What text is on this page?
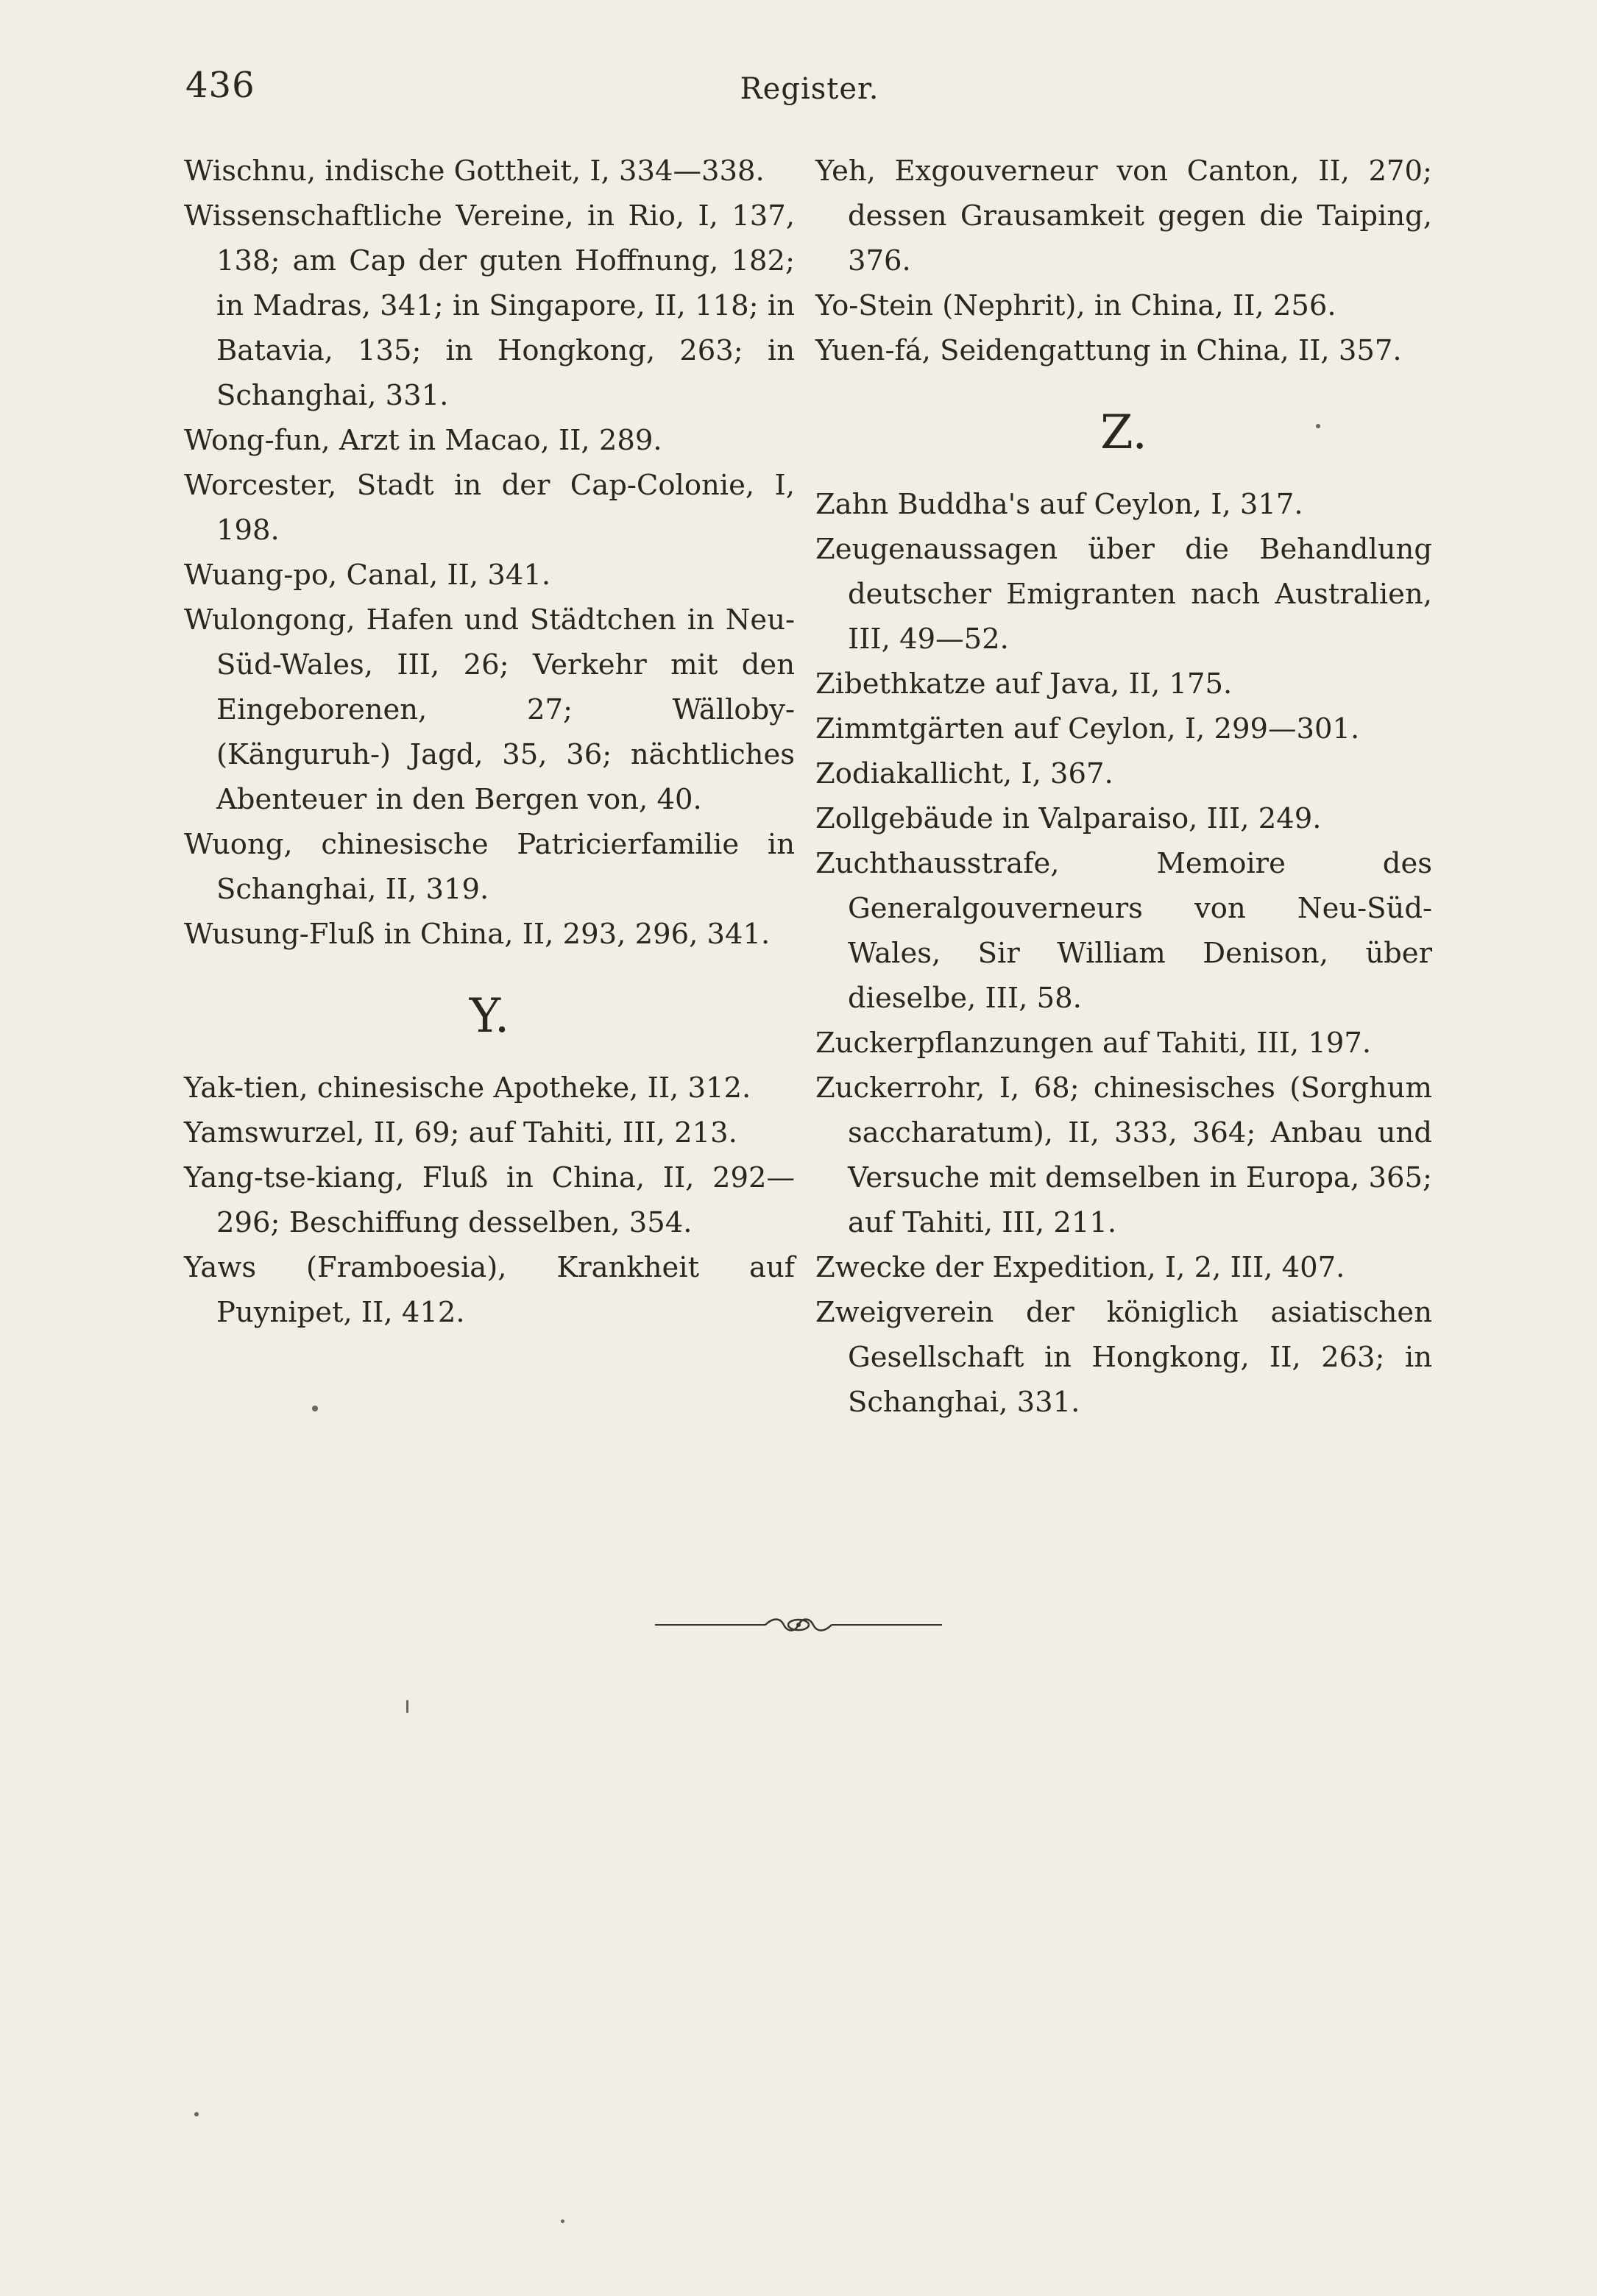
436	Register.
Wischnu, indische Gottheit, I, 334—338.
Wissenschaftliche Vereine, in Rio, I, 137, 138; am Cap der guten Hoffnung, 182; in Madras, 341; in Singapore, II, 118; in Batavia, 135; in Hongkong, 263; in Schanghai, 331.
Wong-fun, Arzt in Macao, II, 289.
Worcester, Stadt in der Cap-Colonie, I, 198.
Wuang-po, Canal, II, 341.
Wulongong, Hafen und Städtchen in Neu-Süd-Wales, III, 26; Verkehr mit den Eingeborenen, 27; Wälloby- (Känguruh-) Jagd, 35, 36; nächtliches Abenteuer in den Bergen von, 40.
Wuong, chinesische Patricierfamilie in Schanghai, II, 319.
Wusung-Fluß in China, II, 293, 296, 341.
Y.
Yak-tien, chinesische Apotheke, II, 312.
Yamswurzel, II, 69; auf Tahiti, III, 213.
Yang-tse-kiang, Fluß in China, II, 292—296; Beschiffung desselben, 354.
Yaws (Framboesia), Krankheit auf Puynipet, II, 412.
Yeh, Exgouverneur von Canton, II, 270; dessen Grausamkeit gegen die Taiping, 376.
Yo-Stein (Nephrit), in China, II, 256.
Yuen-fá, Seidengattung in China, II, 357.
Z.
Zahn Buddha's auf Ceylon, I, 317.
Zeugenaussagen über die Behandlung deutscher Emigranten nach Australien, III, 49—52.
Zibethkatze auf Java, II, 175.
Zimmtgärten auf Ceylon, I, 299—301.
Zodiakallicht, I, 367.
Zollgebäude in Valparaiso, III, 249.
Zuchthausstrafe, Memoire des Generalgouverneurs von Neu-Süd-Wales, Sir William Denison, über dieselbe, III, 58.
Zuckerpflanzungen auf Tahiti, III, 197.
Zuckerrohr, I, 68; chinesisches (Sorghum saccharatum), II, 333, 364; Anbau und Versuche mit demselben in Europa, 365; auf Tahiti, III, 211.
Zwecke der Expedition, I, 2, III, 407.
Zweigverein der königlich asiatischen Gesellschaft in Hongkong, II, 263; in Schanghai, 331.
